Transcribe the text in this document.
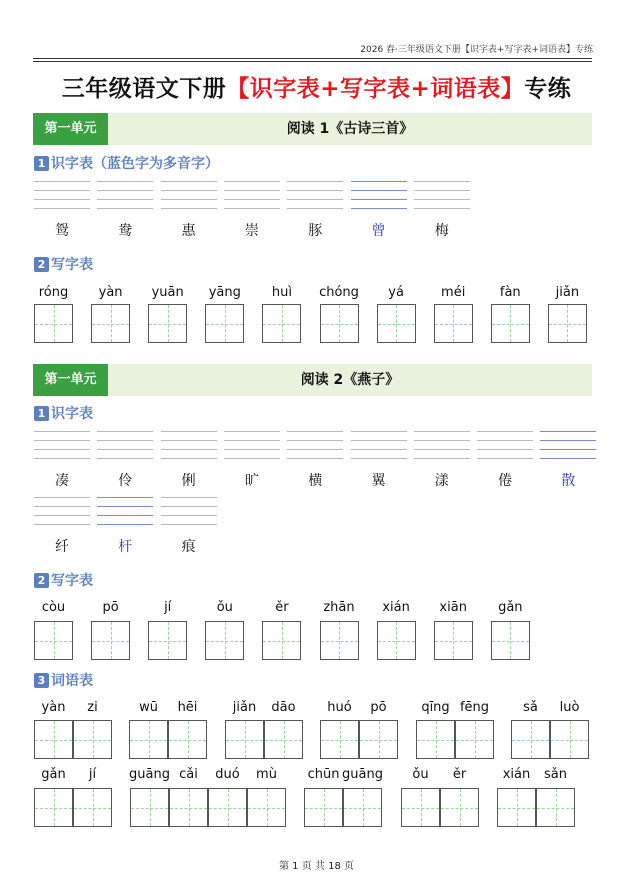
2026 春·三年级语文下册【识字表+写字表+词语表】专练
三年级语文下册【识字表+写字表+词语表】专练
第一单元	阅读 1《古诗三首》
1 识字表（蓝色字为多音字）
鸳	鸯	惠	崇	豚	曾	梅
2 写字表
róng	yàn	yuān	yāng	huì	chóng	yá	méi	fàn	jiǎn
第一单元	阅读 2《燕子》
1 识字表
凑	伶	俐	旷	横	翼	漾	倦	散
纤	杆	痕
2 写字表
còu	pō	jí	ǒu	ěr	zhān	xián	xiān	gǎn
3 词语表
yàn	zi	wū	hēi	jiǎn	dāo	huó	pō	qīng fēng	sǎ	luò
gǎn	jí	guāng cǎi	duó	mù	chūn guāng	ǒu	ěr	xián	sǎn
第 1 页 共 18 页
